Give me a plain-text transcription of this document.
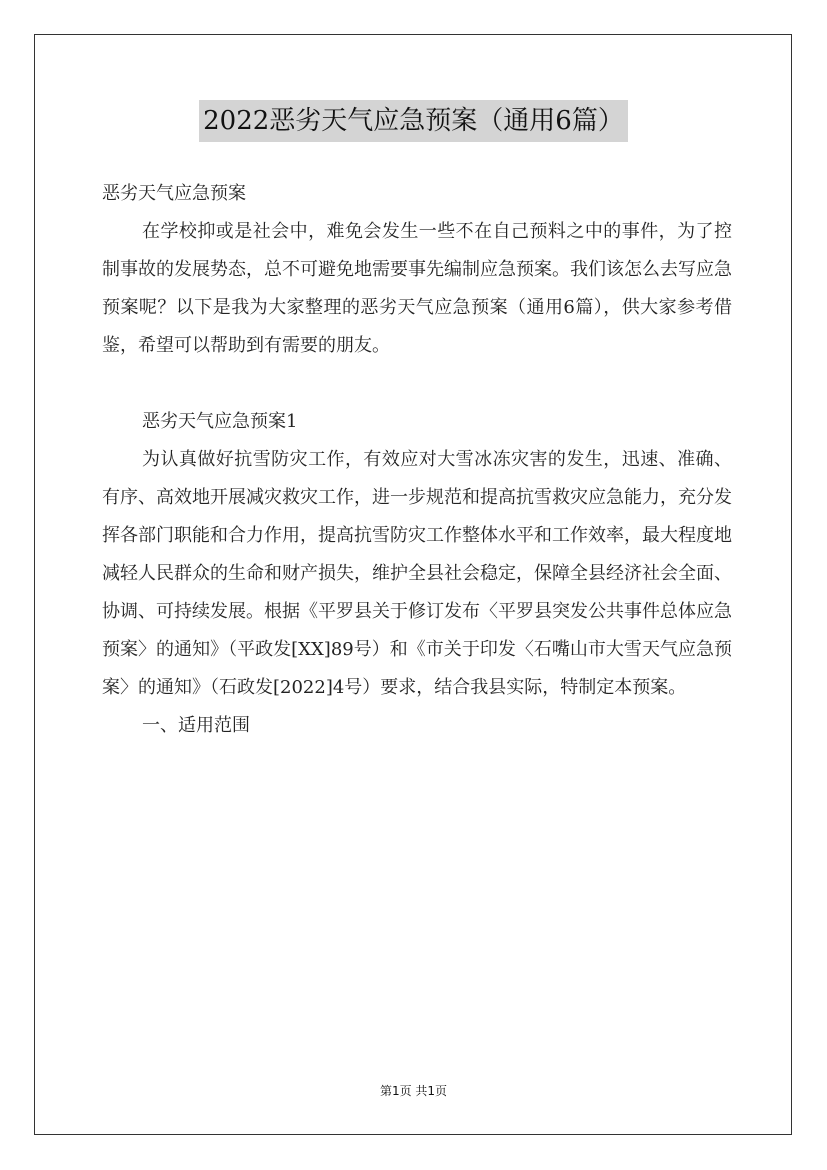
2022恶劣天气应急预案（通用6篇）

恶劣天气应急预案

在学校抑或是社会中，难免会发生一些不在自己预料之中的事件，为了控制事故的发展势态，总不可避免地需要事先编制应急预案。我们该怎么去写应急预案呢？以下是我为大家整理的恶劣天气应急预案（通用6篇），供大家参考借鉴，希望可以帮助到有需要的朋友。

恶劣天气应急预案1

为认真做好抗雪防灾工作，有效应对大雪冰冻灾害的发生，迅速、准确、有序、高效地开展减灾救灾工作，进一步规范和提高抗雪救灾应急能力，充分发挥各部门职能和合力作用，提高抗雪防灾工作整体水平和工作效率，最大程度地减轻人民群众的生命和财产损失，维护全县社会稳定，保障全县经济社会全面、协调、可持续发展。根据《平罗县关于修订发布〈平罗县突发公共事件总体应急预案〉的通知》（平政发[XX]89号）和《市关于印发〈石嘴山市大雪天气应急预案〉的通知》（石政发[2022]4号）要求，结合我县实际，特制定本预案。

一、适用范围

第1页 共1页
